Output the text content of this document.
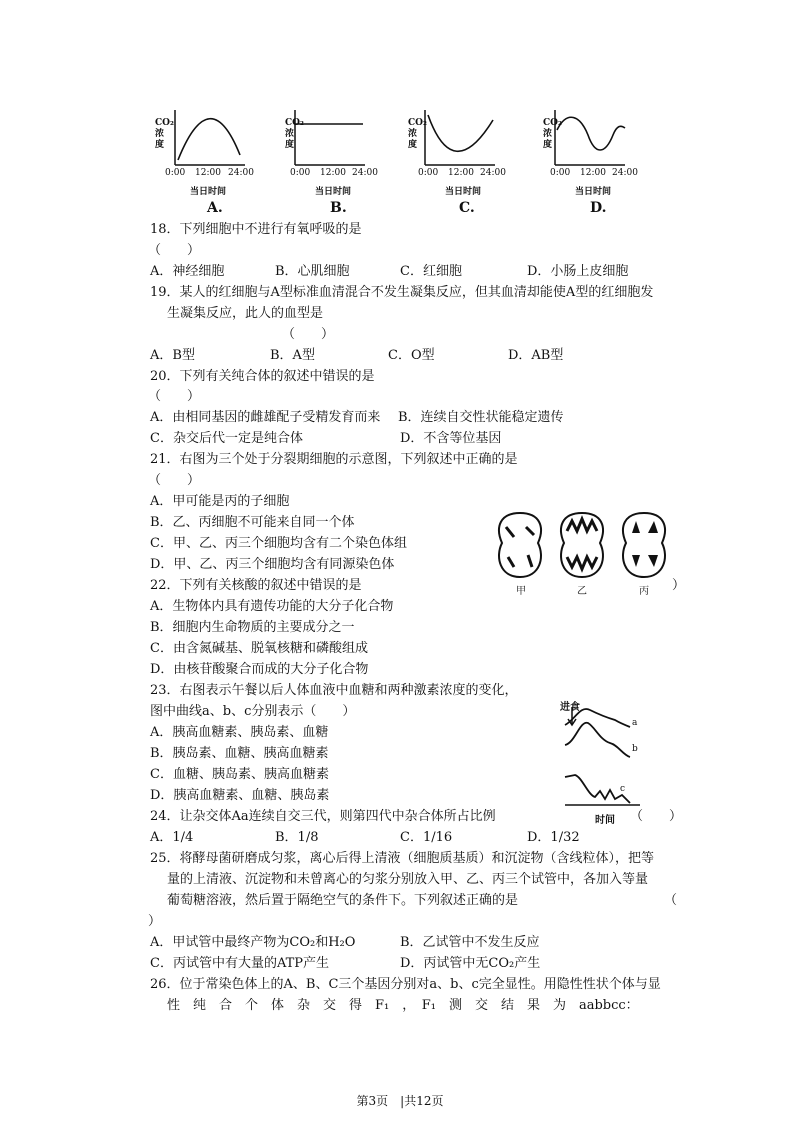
CO₂浓度
CO₂浓度
CO₂浓度
CO₂浓度
0:00 12:00 24:00	0:00 12:00 24:00	0:00 12:00 24:00	0:00 12:00 24:00
当日时间	当日时间	当日时间	当日时间
A.	B.	C.	D.
18．下列细胞中不进行有氧呼吸的是
（　　）
A．神经细胞	B．心肌细胞	C．红细胞	D．小肠上皮细胞
19．某人的红细胞与A型标准血清混合不发生凝集反应，但其血清却能使A型的红细胞发
生凝集反应，此人的血型是
（　　）
A．B型	B．A型	C．O型	D．AB型
20．下列有关纯合体的叙述中错误的是
（　　）
A．由相同基因的雌雄配子受精发育而来 B．连续自交性状能稳定遗传
C．杂交后代一定是纯合体	D．不含等位基因
21．右图为三个处于分裂期细胞的示意图，下列叙述中正确的是
（　　）
A．甲可能是丙的子细胞
B．乙、丙细胞不可能来自同一个体
C．甲、乙、丙三个细胞均含有二个染色体组
D．甲、乙、丙三个细胞均含有同源染色体
甲	乙	丙
22．下列有关核酸的叙述中错误的是	）
A．生物体内具有遗传功能的大分子化合物
B．细胞内生命物质的主要成分之一
C．由含氮碱基、脱氧核糖和磷酸组成
D．由核苷酸聚合而成的大分子化合物
23．右图表示午餐以后人体血液中血糖和两种激素浓度的变化，
图中曲线a、b、c分别表示（　　）
A．胰高血糖素、胰岛素、血糖
B．胰岛素、血糖、胰高血糖素
C．血糖、胰岛素、胰高血糖素
D．胰高血糖素、血糖、胰岛素
进食
a
b
c
时间
24．让杂交体Aa连续自交三代，则第四代中杂合体所占比例	（　　）
A．1/4	B．1/8	C．1/16	D．1/32
25．将酵母菌研磨成匀浆，离心后得上清液（细胞质基质）和沉淀物（含线粒体），把等
量的上清液、沉淀物和未曾离心的匀浆分别放入甲、乙、丙三个试管中，各加入等量
葡萄糖溶液，然后置于隔绝空气的条件下。下列叙述正确的是	（
）
A．甲试管中最终产物为CO₂和H₂O	B．乙试管中不发生反应
C．丙试管中有大量的ATP产生	D．丙试管中无CO₂产生
26．位于常染色体上的A、B、C三个基因分别对a、b、c完全显性。用隐性性状个体与显
性　纯　合　个　体　杂　交　得　F₁　，　F₁　测　交　结　果　为　aabbcc：
第3页　|共12页
